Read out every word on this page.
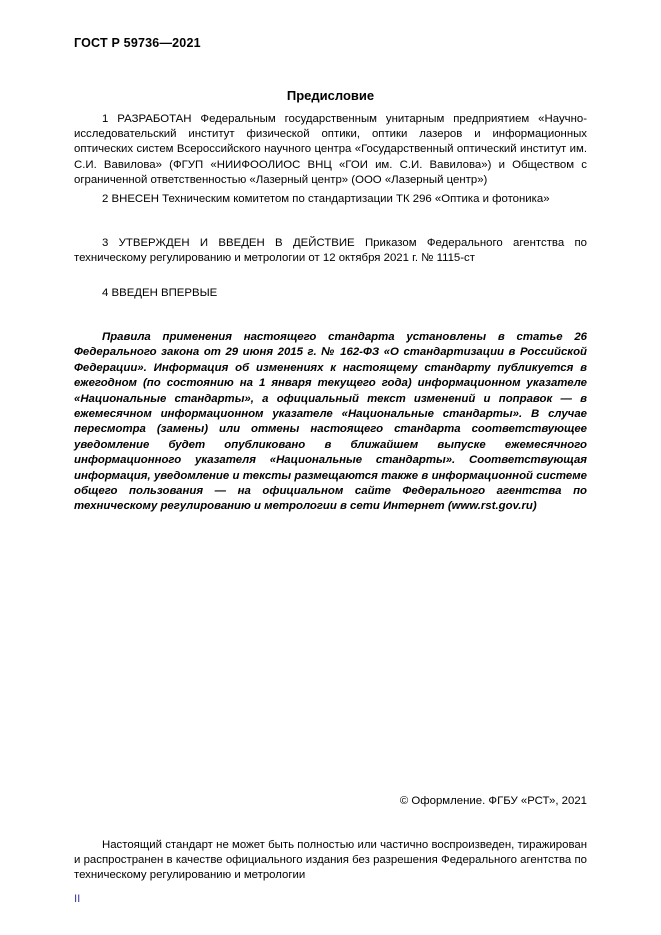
ГОСТ Р 59736—2021
Предисловие
1 РАЗРАБОТАН Федеральным государственным унитарным предприятием «Научно-исследовательский институт физической оптики, оптики лазеров и информационных оптических систем Всероссийского научного центра «Государственный оптический институт им. С.И. Вавилова» (ФГУП «НИИФООЛИОС ВНЦ «ГОИ им. С.И. Вавилова») и Обществом с ограниченной ответственностью «Лазерный центр» (ООО «Лазерный центр»)
2 ВНЕСЕН Техническим комитетом по стандартизации ТК 296 «Оптика и фотоника»
3 УТВЕРЖДЕН И ВВЕДЕН В ДЕЙСТВИЕ Приказом Федерального агентства по техническому регулированию и метрологии от 12 октября 2021 г. № 1115-ст
4 ВВЕДЕН ВПЕРВЫЕ
Правила применения настоящего стандарта установлены в статье 26 Федерального закона от 29 июня 2015 г. № 162-ФЗ «О стандартизации в Российской Федерации». Информация об изменениях к настоящему стандарту публикуется в ежегодном (по состоянию на 1 января текущего года) информационном указателе «Национальные стандарты», а официальный текст изменений и поправок — в ежемесячном информационном указателе «Национальные стандарты». В случае пересмотра (замены) или отмены настоящего стандарта соответствующее уведомление будет опубликовано в ближайшем выпуске ежемесячного информационного указателя «Национальные стандарты». Соответствующая информация, уведомление и тексты размещаются также в информационной системе общего пользования — на официальном сайте Федерального агентства по техническому регулированию и метрологии в сети Интернет (www.rst.gov.ru)
© Оформление. ФГБУ «РСТ», 2021
Настоящий стандарт не может быть полностью или частично воспроизведен, тиражирован и распространен в качестве официального издания без разрешения Федерального агентства по техническому регулированию и метрологии
II
